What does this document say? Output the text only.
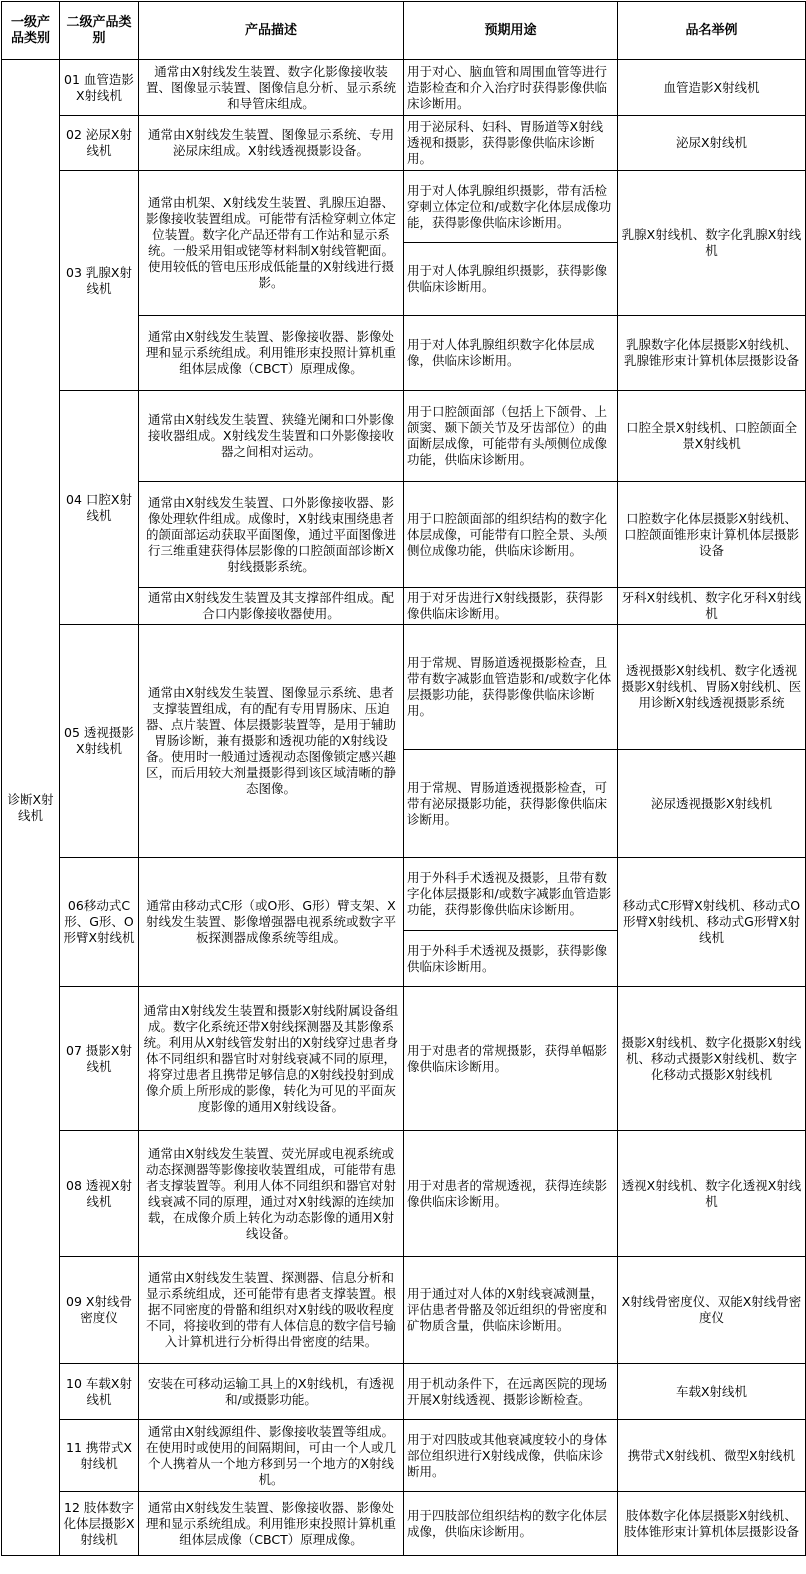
一级产品类别	二级产品类别	产品描述	预期用途	品名举例
诊断X射线机	01 血管造影X射线机	通常由X射线发生装置、数字化影像接收装置、图像显示装置、图像信息分析、显示系统和导管床组成。	用于对心、脑血管和周围血管等进行造影检查和介入治疗时获得影像供临床诊断用。	血管造影X射线机
	02 泌尿X射线机	通常由X射线发生装置、图像显示系统、专用泌尿床组成。X射线透视摄影设备。	用于泌尿科、妇科、胃肠道等X射线透视和摄影，获得影像供临床诊断用。	泌尿X射线机
	03 乳腺X射线机	通常由机架、X射线发生装置、乳腺压迫器、影像接收装置组成。可能带有活检穿刺立体定位装置。数字化产品还带有工作站和显示系统。一般采用钼或铑等材料制X射线管靶面。使用较低的管电压形成低能量的X射线进行摄影。	用于对人体乳腺组织摄影，带有活检穿刺立体定位和/或数字化体层成像功能，获得影像供临床诊断用。	乳腺X射线机、数字化乳腺X射线机
			用于对人体乳腺组织摄影，获得影像供临床诊断用。	
		通常由X射线发生装置、影像接收器、影像处理和显示系统组成。利用锥形束投照计算机重组体层成像（CBCT）原理成像。	用于对人体乳腺组织数字化体层成像，供临床诊断用。	乳腺数字化体层摄影X射线机、乳腺锥形束计算机体层摄影设备
	04 口腔X射线机	通常由X射线发生装置、狭缝光阑和口外影像接收器组成。X射线发生装置和口外影像接收器之间相对运动。	用于口腔颌面部（包括上下颌骨、上颌窦、颞下颌关节及牙齿部位）的曲面断层成像，可能带有头颅侧位成像功能，供临床诊断用。	口腔全景X射线机、口腔颌面全景X射线机
		通常由X射线发生装置、口外影像接收器、影像处理软件组成。成像时，X射线束围绕患者的颌面部运动获取平面图像，通过平面图像进行三维重建获得体层影像的口腔颌面部诊断X射线摄影系统。	用于口腔颌面部的组织结构的数字化体层成像，可能带有口腔全景、头颅侧位成像功能，供临床诊断用。	口腔数字化体层摄影X射线机、口腔颌面锥形束计算机体层摄影设备
		通常由X射线发生装置及其支撑部件组成。配合口内影像接收器使用。	用于对牙齿进行X射线摄影，获得影像供临床诊断用。	牙科X射线机、数字化牙科X射线机
	05 透视摄影X射线机	通常由X射线发生装置、图像显示系统、患者支撑装置组成，有的配有专用胃肠床、压迫器、点片装置、体层摄影装置等，是用于辅助胃肠诊断，兼有摄影和透视功能的X射线设备。使用时一般通过透视动态图像锁定感兴趣区，而后用较大剂量摄影得到该区域清晰的静态图像。	用于常规、胃肠道透视摄影检查，且带有数字减影血管造影和/或数字化体层摄影功能，获得影像供临床诊断用。	透视摄影X射线机、数字化透视摄影X射线机、胃肠X射线机、医用诊断X射线透视摄影系统
			用于常规、胃肠道透视摄影检查，可带有泌尿摄影功能，获得影像供临床诊断用。	泌尿透视摄影X射线机
	06移动式C形、G形、O形臂X射线机	通常由移动式C形（或O形、G形）臂支架、X射线发生装置、影像增强器电视系统或数字平板探测器成像系统等组成。	用于外科手术透视及摄影，且带有数字化体层摄影和/或数字减影血管造影功能，获得影像供临床诊断用。	移动式C形臂X射线机、移动式O形臂X射线机、移动式G形臂X射线机
			用于外科手术透视及摄影，获得影像供临床诊断用。	
	07 摄影X射线机	通常由X射线发生装置和摄影X射线附属设备组成。数字化系统还带X射线探测器及其影像系统。利用从X射线管发射出的X射线穿过患者身体不同组织和器官时对射线衰减不同的原理，将穿过患者且携带足够信息的X射线投射到成像介质上所形成的影像，转化为可见的平面灰度影像的通用X射线设备。	用于对患者的常规摄影，获得单幅影像供临床诊断用。	摄影X射线机、数字化摄影X射线机、移动式摄影X射线机、数字化移动式摄影X射线机
	08 透视X射线机	通常由X射线发生装置、荧光屏或电视系统或动态探测器等影像接收装置组成，可能带有患者支撑装置等。利用人体不同组织和器官对射线衰减不同的原理，通过对X射线源的连续加载，在成像介质上转化为动态影像的通用X射线设备。	用于对患者的常规透视，获得连续影像供临床诊断用。	透视X射线机、数字化透视X射线机
	09 X射线骨密度仪	通常由X射线发生装置、探测器、信息分析和显示系统组成，还可能带有患者支撑装置。根据不同密度的骨骼和组织对X射线的吸收程度不同，将接收到的带有人体信息的数字信号输入计算机进行分析得出骨密度的结果。	用于通过对人体的X射线衰减测量，评估患者骨骼及邻近组织的骨密度和矿物质含量，供临床诊断用。	X射线骨密度仪、双能X射线骨密度仪
	10 车载X射线机	安装在可移动运输工具上的X射线机，有透视和/或摄影功能。	用于机动条件下，在远离医院的现场开展X射线透视、摄影诊断检查。	车载X射线机
	11 携带式X射线机	通常由X射线源组件、影像接收装置等组成。在使用时或使用的间隔期间，可由一个人或几个人携着从一个地方移到另一个地方的X射线机。	用于对四肢或其他衰减度较小的身体部位组织进行X射线成像，供临床诊断用。	携带式X射线机、微型X射线机
	12 肢体数字化体层摄影X射线机	通常由X射线发生装置、影像接收器、影像处理和显示系统组成。利用锥形束投照计算机重组体层成像（CBCT）原理成像。	用于四肢部位组织结构的数字化体层成像，供临床诊断用。	肢体数字化体层摄影X射线机、肢体锥形束计算机体层摄影设备
